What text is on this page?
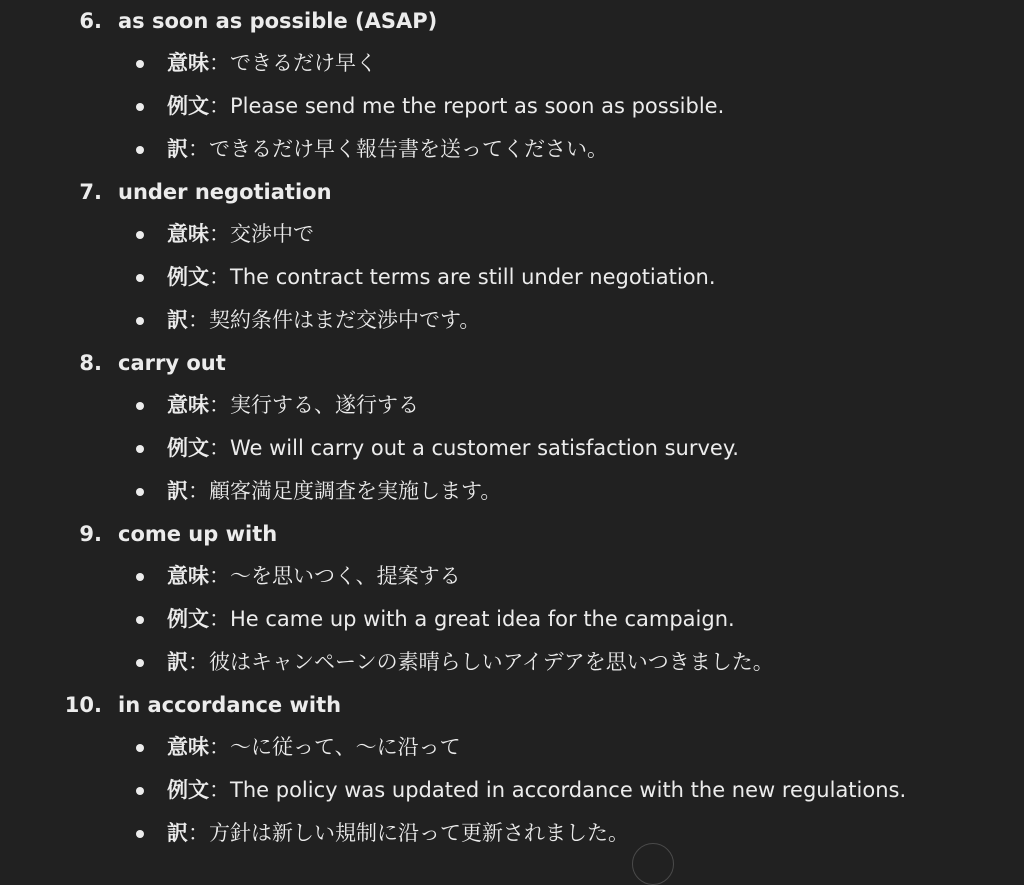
6. as soon as possible (ASAP)
意味：できるだけ早く
例文：Please send me the report as soon as possible.
訳：できるだけ早く報告書を送ってください。
7. under negotiation
意味：交渉中で
例文：The contract terms are still under negotiation.
訳：契約条件はまだ交渉中です。
8. carry out
意味：実行する、遂行する
例文：We will carry out a customer satisfaction survey.
訳：顧客満足度調査を実施します。
9. come up with
意味：〜を思いつく、提案する
例文：He came up with a great idea for the campaign.
訳：彼はキャンペーンの素晴らしいアイデアを思いつきました。
10. in accordance with
意味：〜に従って、〜に沿って
例文：The policy was updated in accordance with the new regulations.
訳：方針は新しい規制に沿って更新されました。
